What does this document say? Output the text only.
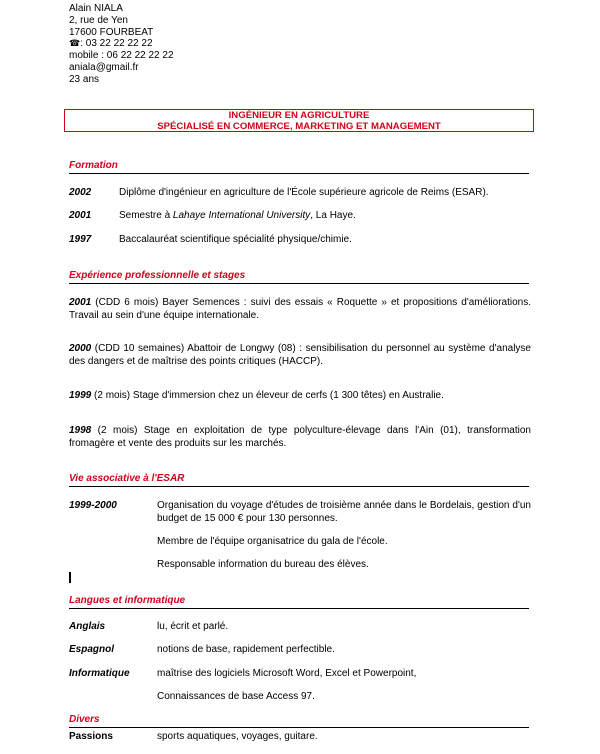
Alain NIALA
2, rue de Yen
17600 FOURBEAT
☎: 03 22 22 22 22
mobile : 06 22 22 22 22
aniala@gmail.fr
23 ans
INGÉNIEUR EN AGRICULTURE
SPÉCIALISÉ EN COMMERCE, MARKETING ET MANAGEMENT
Formation
2002	Diplôme d'ingénieur en agriculture de l'École supérieure agricole de Reims (ESAR).
2001	Semestre à Lahaye International University, La Haye.
1997	Baccalauréat scientifique spécialité physique/chimie.
Expérience professionnelle et stages
2001 (CDD 6 mois) Bayer Semences : suivi des essais « Roquette » et propositions d'améliorations. Travail au sein d'une équipe internationale.
2000 (CDD 10 semaines) Abattoir de Longwy (08) : sensibilisation du personnel au système d'analyse des dangers et de maîtrise des points critiques (HACCP).
1999 (2 mois) Stage d'immersion chez un éleveur de cerfs (1 300 têtes) en Australie.
1998 (2 mois) Stage en exploitation de type polyculture-élevage dans l'Ain (01), transformation fromagère et vente des produits sur les marchés.
Vie associative à l'ESAR
1999-2000	Organisation du voyage d'études de troisième année dans le Bordelais, gestion d'un budget de 15 000 € pour 130 personnes.
Membre de l'équipe organisatrice du gala de l'école.
Responsable information du bureau des élèves.
Langues et informatique
Anglais	lu, écrit et parlé.
Espagnol	notions de base, rapidement perfectible.
Informatique	maîtrise des logiciels Microsoft Word, Excel et Powerpoint,
Connaissances de base Access 97.
Divers
Passions	sports aquatiques, voyages, guitare.
